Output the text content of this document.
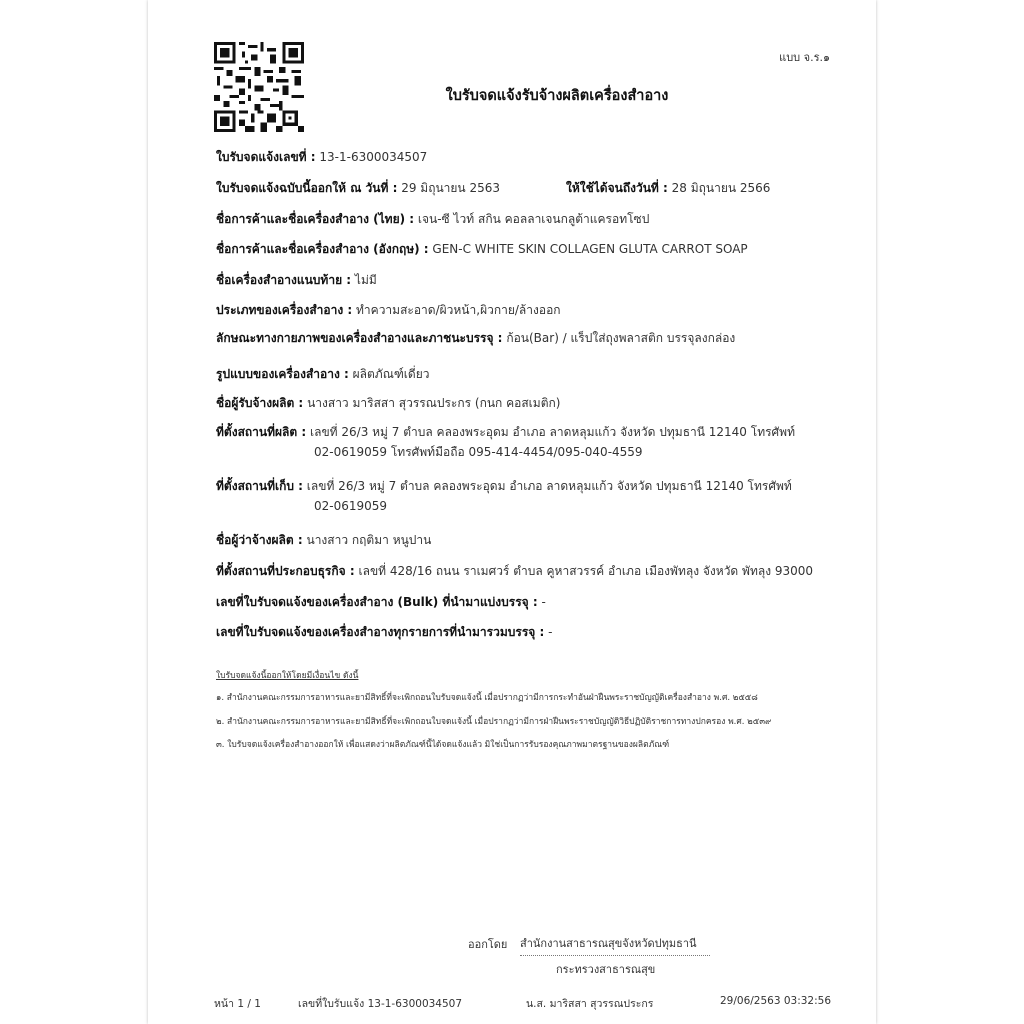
แบบ จ.ร.๑
ใบรับจดแจ้งรับจ้างผลิตเครื่องสำอาง
ใบรับจดแจ้งเลขที่ : 13-1-6300034507
ใบรับจดแจ้งฉบับนี้ออกให้ ณ วันที่ : 29 มิถุนายน 2563	ให้ใช้ได้จนถึงวันที่ : 28 มิถุนายน 2566
ชื่อการค้าและชื่อเครื่องสำอาง (ไทย) : เจน-ซี ไวท์ สกิน คอลลาเจนกลูต้าแครอทโซป
ชื่อการค้าและชื่อเครื่องสำอาง (อังกฤษ) : GEN-C WHITE SKIN COLLAGEN GLUTA CARROT SOAP
ชื่อเครื่องสำอางแนบท้าย : ไม่มี
ประเภทของเครื่องสำอาง : ทำความสะอาด/ผิวหน้า,ผิวกาย/ล้างออก
ลักษณะทางกายภาพของเครื่องสำอางและภาชนะบรรจุ : ก้อน(Bar) / แร็ปใส่ถุงพลาสติก บรรจุลงกล่อง
รูปแบบของเครื่องสำอาง : ผลิตภัณฑ์เดี่ยว
ชื่อผู้รับจ้างผลิต : นางสาว มาริสสา สุวรรณประกร (กนก คอสเมติก)
ที่ตั้งสถานที่ผลิต : เลขที่ 26/3 หมู่ 7 ตำบล คลองพระอุดม อำเภอ ลาดหลุมแก้ว จังหวัด ปทุมธานี 12140 โทรศัพท์
02-0619059 โทรศัพท์มือถือ 095-414-4454/095-040-4559
ที่ตั้งสถานที่เก็บ : เลขที่ 26/3 หมู่ 7 ตำบล คลองพระอุดม อำเภอ ลาดหลุมแก้ว จังหวัด ปทุมธานี 12140 โทรศัพท์
02-0619059
ชื่อผู้ว่าจ้างผลิต : นางสาว กฤติมา หนูปาน
ที่ตั้งสถานที่ประกอบธุรกิจ : เลขที่ 428/16 ถนน ราเมศวร์ ตำบล คูหาสวรรค์ อำเภอ เมืองพัทลุง จังหวัด พัทลุง 93000
เลขที่ใบรับจดแจ้งของเครื่องสำอาง (Bulk) ที่นำมาแบ่งบรรจุ : -
เลขที่ใบรับจดแจ้งของเครื่องสำอางทุกรายการที่นำมารวมบรรจุ : -
ใบรับจดแจ้งนี้ออกให้โดยมีเงื่อนไข ดังนี้
๑. สำนักงานคณะกรรมการอาหารและยามีสิทธิ์ที่จะเพิกถอนใบรับจดแจ้งนี้ เมื่อปรากฏว่ามีการกระทำอันฝ่าฝืนพระราชบัญญัติเครื่องสำอาง พ.ศ. ๒๕๕๘
๒. สำนักงานคณะกรรมการอาหารและยามีสิทธิ์ที่จะเพิกถอนใบจดแจ้งนี้ เมื่อปรากฏว่ามีการฝ่าฝืนพระราชบัญญัติวิธีปฏิบัติราชการทางปกครอง พ.ศ. ๒๕๓๙
๓. ใบรับจดแจ้งเครื่องสำอางออกให้ เพื่อแสดงว่าผลิตภัณฑ์นี้ได้จดแจ้งแล้ว มิใช่เป็นการรับรองคุณภาพมาตรฐานของผลิตภัณฑ์
ออกโดย สำนักงานสาธารณสุขจังหวัดปทุมธานี
กระทรวงสาธารณสุข
หน้า 1 / 1	เลขที่ใบรับแจ้ง 13-1-6300034507	น.ส. มาริสสา สุวรรณประกร	29/06/2563 03:32:56
